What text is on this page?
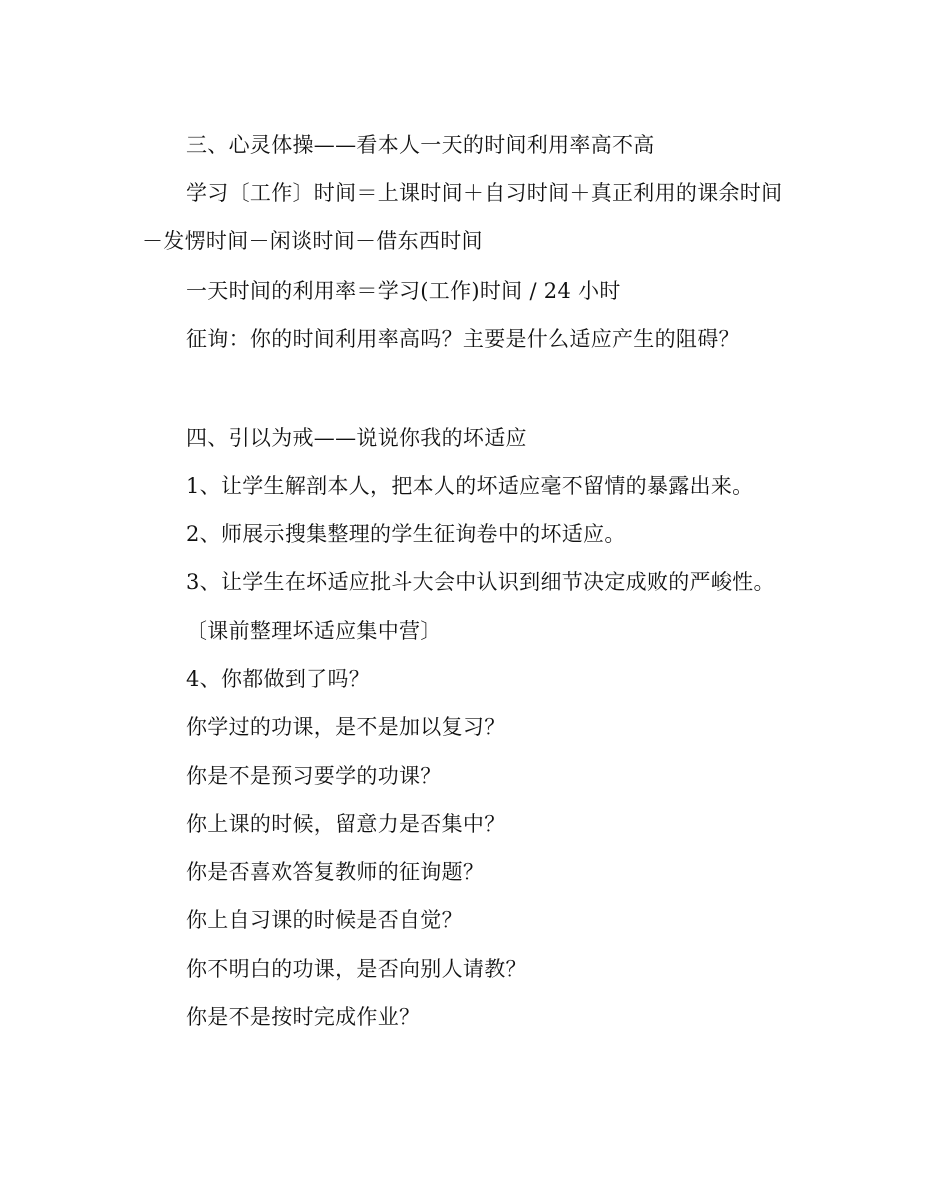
三、心灵体操——看本人一天的时间利用率高不高
学习〔工作〕时间＝上课时间＋自习时间＋真正利用的课余时间
－发愣时间－闲谈时间－借东西时间
一天时间的利用率＝学习(工作)时间 / 24 小时
征询：你的时间利用率高吗？主要是什么适应产生的阻碍？
四、引以为戒——说说你我的坏适应
1、让学生解剖本人，把本人的坏适应毫不留情的暴露出来。
2、师展示搜集整理的学生征询卷中的坏适应。
3、让学生在坏适应批斗大会中认识到细节决定成败的严峻性。
〔课前整理坏适应集中营〕
4、你都做到了吗？
你学过的功课，是不是加以复习？
你是不是预习要学的功课？
你上课的时候，留意力是否集中？
你是否喜欢答复教师的征询题？
你上自习课的时候是否自觉？
你不明白的功课，是否向别人请教？
你是不是按时完成作业？
